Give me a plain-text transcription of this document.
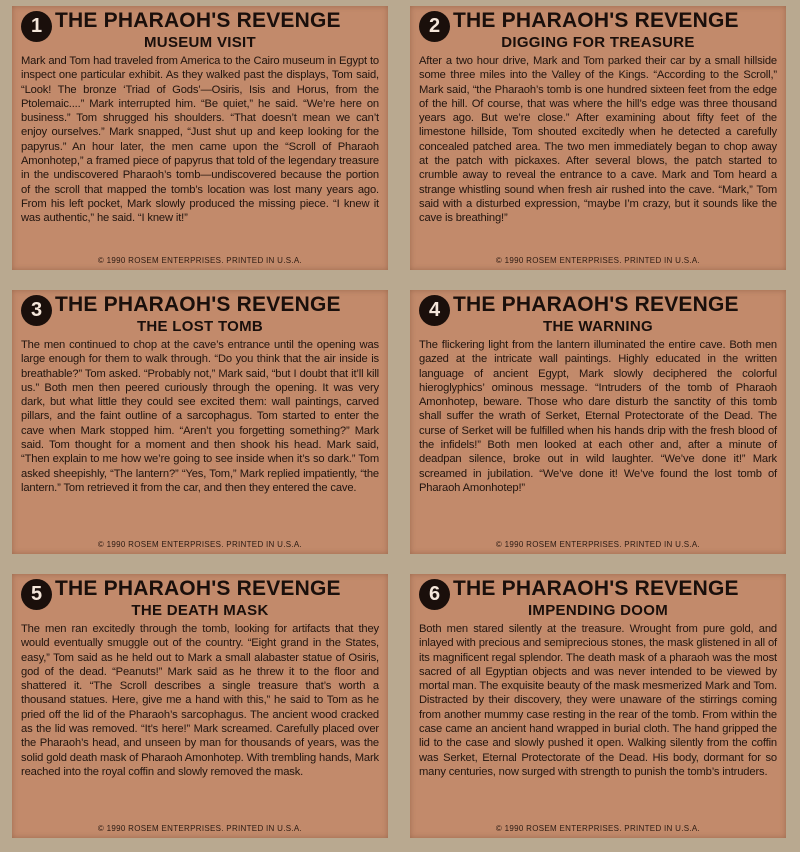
1 THE PHARAOH'S REVENGE
MUSEUM VISIT

Mark and Tom had traveled from America to the Cairo museum in Egypt to inspect one particular exhibit. As they walked past the displays, Tom said, “Look! The bronze ‘Triad of Gods’—Osiris, Isis and Horus, from the Ptolemaic....” Mark interrupted him. “Be quiet,” he said. “We’re here on business.” Tom shrugged his shoulders. “That doesn’t mean we can’t enjoy ourselves.” Mark snapped, “Just shut up and keep looking for the papyrus.” An hour later, the men came upon the “Scroll of Pharaoh Amonhotep,” a framed piece of papyrus that told of the legendary treasure in the undiscovered Pharaoh’s tomb—undiscovered because the portion of the scroll that mapped the tomb’s location was lost many years ago. From his left pocket, Mark slowly produced the missing piece. “I knew it was authentic,” he said. “I knew it!”

© 1990 ROSEM ENTERPRISES. PRINTED IN U.S.A.
2 THE PHARAOH'S REVENGE
DIGGING FOR TREASURE

After a two hour drive, Mark and Tom parked their car by a small hillside some three miles into the Valley of the Kings. “According to the Scroll,” Mark said, “the Pharaoh’s tomb is one hundred sixteen feet from the edge of the hill. Of course, that was where the hill’s edge was three thousand years ago. But we’re close.” After examining about fifty feet of the limestone hillside, Tom shouted excitedly when he detected a carefully concealed patched area. The two men immediately began to chop away at the patch with pickaxes. After several blows, the patch started to crumble away to reveal the entrance to a cave. Mark and Tom heard a strange whistling sound when fresh air rushed into the cave. “Mark,” Tom said with a disturbed expression, “maybe I’m crazy, but it sounds like the cave is breathing!”

© 1990 ROSEM ENTERPRISES. PRINTED IN U.S.A.
3 THE PHARAOH'S REVENGE
THE LOST TOMB

The men continued to chop at the cave’s entrance until the opening was large enough for them to walk through. “Do you think that the air inside is breathable?” Tom asked. “Probably not,” Mark said, “but I doubt that it’ll kill us.” Both men then peered curiously through the opening. It was very dark, but what little they could see excited them: wall paintings, carved pillars, and the faint outline of a sarcophagus. Tom started to enter the cave when Mark stopped him. “Aren’t you forgetting something?” Mark said. Tom thought for a moment and then shook his head. Mark said, “Then explain to me how we’re going to see inside when it’s so dark.” Tom asked sheepishly, “The lantern?” “Yes, Tom,” Mark replied impatiently, “the lantern.” Tom retrieved it from the car, and then they entered the cave.

© 1990 ROSEM ENTERPRISES. PRINTED IN U.S.A.
4 THE PHARAOH'S REVENGE
THE WARNING

The flickering light from the lantern illuminated the entire cave. Both men gazed at the intricate wall paintings. Highly educated in the written language of ancient Egypt, Mark slowly deciphered the colorful hieroglyphics’ ominous message. “Intruders of the tomb of Pharaoh Amonhotep, beware. Those who dare disturb the sanctity of this tomb shall suffer the wrath of Serket, Eternal Protectorate of the Dead. The curse of Serket will be fulfilled when his hands drip with the fresh blood of the infidels!” Both men looked at each other and, after a minute of deadpan silence, broke out in wild laughter. “We’ve done it!” Mark screamed in jubilation. “We’ve done it! We’ve found the lost tomb of Pharaoh Amonhotep!”

© 1990 ROSEM ENTERPRISES. PRINTED IN U.S.A.
5 THE PHARAOH'S REVENGE
THE DEATH MASK

The men ran excitedly through the tomb, looking for artifacts that they would eventually smuggle out of the country. “Eight grand in the States, easy,” Tom said as he held out to Mark a small alabaster statue of Osiris, god of the dead. “Peanuts!” Mark said as he threw it to the floor and shattered it. “The Scroll describes a single treasure that’s worth a thousand statues. Here, give me a hand with this,” he said to Tom as he pried off the lid of the Pharaoh’s sarcophagus. The ancient wood cracked as the lid was removed. “It’s here!” Mark screamed. Carefully placed over the Pharaoh’s head, and unseen by man for thousands of years, was the solid gold death mask of Pharaoh Amonhotep. With trembling hands, Mark reached into the royal coffin and slowly removed the mask.

© 1990 ROSEM ENTERPRISES. PRINTED IN U.S.A.
6 THE PHARAOH'S REVENGE
IMPENDING DOOM

Both men stared silently at the treasure. Wrought from pure gold, and inlayed with precious and semiprecious stones, the mask glistened in all of its magnificent regal splendor. The death mask of a pharaoh was the most sacred of all Egyptian objects and was never intended to be viewed by mortal man. The exquisite beauty of the mask mesmerized Mark and Tom. Distracted by their discovery, they were unaware of the stirrings coming from another mummy case resting in the rear of the tomb. From within the case came an ancient hand wrapped in burial cloth. The hand gripped the lid to the case and slowly pushed it open. Walking silently from the coffin was Serket, Eternal Protectorate of the Dead. His body, dormant for so many centuries, now surged with strength to punish the tomb’s intruders.

© 1990 ROSEM ENTERPRISES. PRINTED IN U.S.A.
